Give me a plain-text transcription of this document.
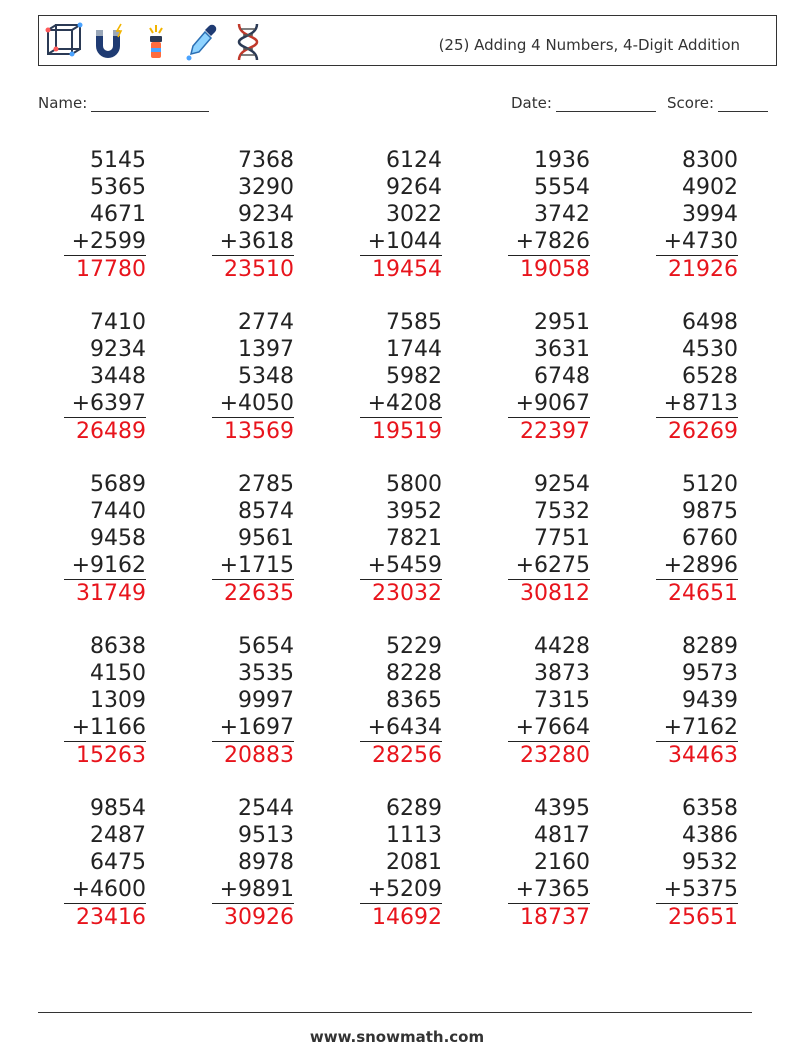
(25) Adding 4 Numbers, 4-Digit Addition
Name:	Date:	Score:
5145
5365
4671
+2599
17780
7368
3290
9234
+3618
23510
6124
9264
3022
+1044
19454
1936
5554
3742
+7826
19058
8300
4902
3994
+4730
21926
7410
9234
3448
+6397
26489
2774
1397
5348
+4050
13569
7585
1744
5982
+4208
19519
2951
3631
6748
+9067
22397
6498
4530
6528
+8713
26269
5689
7440
9458
+9162
31749
2785
8574
9561
+1715
22635
5800
3952
7821
+5459
23032
9254
7532
7751
+6275
30812
5120
9875
6760
+2896
24651
8638
4150
1309
+1166
15263
5654
3535
9997
+1697
20883
5229
8228
8365
+6434
28256
4428
3873
7315
+7664
23280
8289
9573
9439
+7162
34463
9854
2487
6475
+4600
23416
2544
9513
8978
+9891
30926
6289
1113
2081
+5209
14692
4395
4817
2160
+7365
18737
6358
4386
9532
+5375
25651
www.snowmath.com
